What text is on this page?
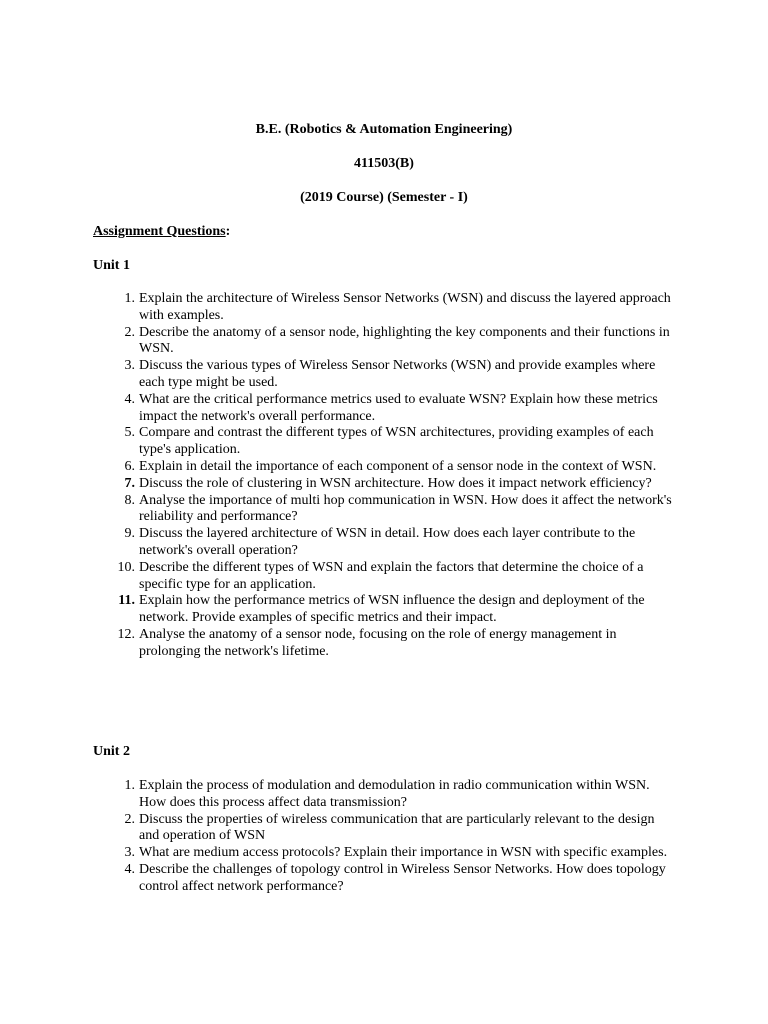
B.E. (Robotics & Automation Engineering)
411503(B)
(2019 Course) (Semester - I)
Assignment Questions:
Unit 1
1. Explain the architecture of Wireless Sensor Networks (WSN) and discuss the layered approach with examples.
2. Describe the anatomy of a sensor node, highlighting the key components and their functions in WSN.
3. Discuss the various types of Wireless Sensor Networks (WSN) and provide examples where each type might be used.
4. What are the critical performance metrics used to evaluate WSN? Explain how these metrics impact the network's overall performance.
5. Compare and contrast the different types of WSN architectures, providing examples of each type's application.
6. Explain in detail the importance of each component of a sensor node in the context of WSN.
7. Discuss the role of clustering in WSN architecture. How does it impact network efficiency?
8. Analyse the importance of multi hop communication in WSN. How does it affect the network's reliability and performance?
9. Discuss the layered architecture of WSN in detail. How does each layer contribute to the network's overall operation?
10. Describe the different types of WSN and explain the factors that determine the choice of a specific type for an application.
11. Explain how the performance metrics of WSN influence the design and deployment of the network. Provide examples of specific metrics and their impact.
12. Analyse the anatomy of a sensor node, focusing on the role of energy management in prolonging the network's lifetime.
Unit 2
1. Explain the process of modulation and demodulation in radio communication within WSN. How does this process affect data transmission?
2. Discuss the properties of wireless communication that are particularly relevant to the design and operation of WSN
3. What are medium access protocols? Explain their importance in WSN with specific examples.
4. Describe the challenges of topology control in Wireless Sensor Networks. How does topology control affect network performance?
